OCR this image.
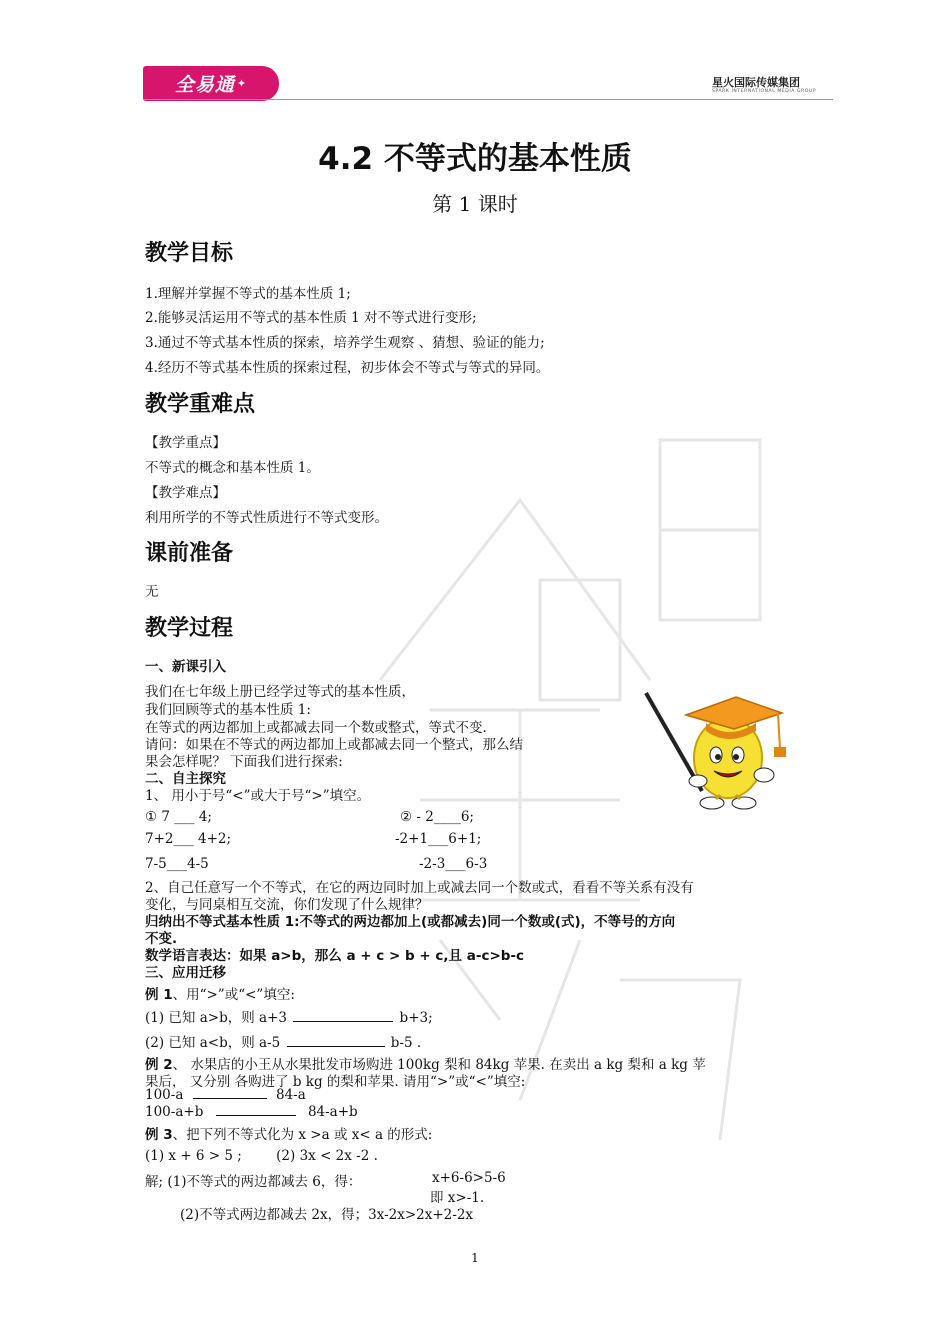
全易通 ✦	星火国际传媒集团
SPARK INTERNATIONAL MEDIA GROUP
4.2 不等式的基本性质
第 1 课时
教学目标
1.理解并掌握不等式的基本性质 1;
2.能够灵活运用不等式的基本性质 1 对不等式进行变形;
3.通过不等式基本性质的探索，培养学生观察 、猜想、验证的能力;
4.经历不等式基本性质的探索过程，初步体会不等式与等式的异同。
教学重难点
【教学重点】
不等式的概念和基本性质 1。
【教学难点】
利用所学的不等式性质进行不等式变形。
课前准备
无
教学过程
一、新课引入
我们在七年级上册已经学过等式的基本性质，
我们回顾等式的基本性质 1:
在等式的两边都加上或都减去同一个数或整式，等式不变.
请问：如果在不等式的两边都加上或都减去同一个整式，那么结
果会怎样呢？ 下面我们进行探索:
二、自主探究
1、 用小于号“<”或大于号“>”填空。
① 7 ___ 4;	② - 2____6;
7+2___ 4+2;	-2+1___6+1;
7-5___4-5	-2-3___6-3
2、自己任意写一个不等式，在它的两边同时加上或减去同一个数或式，看看不等关系有没有
变化，与同桌相互交流，你们发现了什么规律？
归纳出不等式基本性质 1:不等式的两边都加上(或都减去)同一个数或(式)，不等号的方向
不变.
数学语言表达：如果 a>b，那么 a + c > b + c,且 a-c>b-c
三、应用迁移
例 1、用“>”或“<”填空:
(1) 已知 a>b，则 a+3	b+3;
(2) 已知 a<b，则 a-5	b-5 .
例 2、 水果店的小王从水果批发市场购进 100kg 梨和 84kg 苹果. 在卖出 a kg 梨和 a kg 苹
果后， 又分别 各购进了 b kg 的梨和苹果. 请用“>”或“<”填空:
100-a	84-a
100-a+b	84-a+b
例 3、把下列不等式化为 x >a 或 x< a 的形式:
(1) x + 6 > 5 ;        (2) 3x < 2x -2 .
解; (1)不等式的两边都减去 6，得：	x+6-6>5-6
即 x>-1.
(2)不等式两边都减去 2x，得；3x-2x>2x+2-2x
1
